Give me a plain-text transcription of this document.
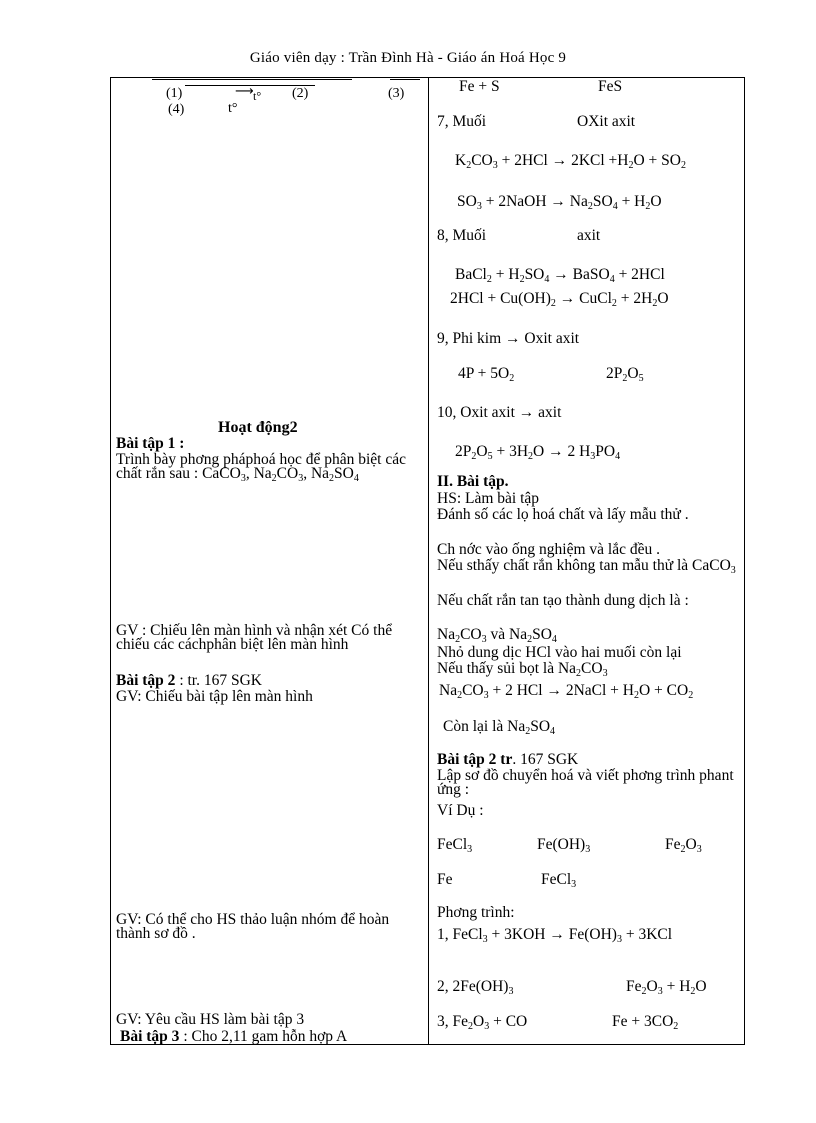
Giáo viên dạy : Trần Đình Hà - Giáo án Hoá Học 9
(1)	⟶ t° (2)	(3)
(4)	t°
Hoạt động2
Bài tập 1 :
Trình bày phơng pháphoá học để phân biệt các chất rắn sau : CaCO$_3$, $Na_2CO_3$, $Na_2SO_4$
GV : Chiếu lên màn hình và nhận xét Có thể chiếu các cáchphân biệt lên màn hình
Bài tập 2 : tr. 167 SGK
GV: Chiếu bài tập lên màn hình
GV: Có thể cho HS thảo luận nhóm để hoàn thành sơ đồ .
GV: Yêu cầu HS làm bài tập 3
Bài tập 3 : Cho 2,11 gam hỗn hợp A
Fe + S	FeS
7, Muối	OXit axit
$K_2CO_3 + 2HCl \to 2KCl +H_2O + SO_2$
$SO_3$ + 2NaOH → $Na_2SO_4 + H_2O$
8, Muối	axit
BaCl$_2$ + $H_2SO_4$ → BaSO$_4$ + 2HCl
$2HCl + Cu(OH)_2$ → CuCl$_2$ + $2H_2O$
9, Phi kim → Oxit axit
$4P + 5O_2$	$2P_2O_5$
10, Oxit axit → axit
$2P_2O_5 + 3H_2O \to 2$ $H_3PO_4$
II. Bài tập.
HS: Làm bài tập
Đánh số các lọ hoá chất và lấy mẫu thử .
Ch nớc vào ống nghiệm và lắc đều .
Nếu sthấy chất rắn không tan mẫu thử là CaCO$_3$
Nếu chất rắn tan tạo thành dung dịch là :
$Na_2CO_3$ và $Na_2SO_4$
Nhỏ dung dịc HCl vào hai muối còn lại
Nếu thấy sủi bọt là $Na_2CO_3$
$Na_2CO_3 + 2$ HCl → 2NaCl + $H_2O + CO_2$
Còn lại là $Na_2SO_4$
Bài tập 2 tr. 167 SGK
Lập sơ đồ chuyển hoá và viết phơng trình phant ứng :
Ví Dụ :
FeCl$_3$	$Fe(OH)_3$	$Fe_2O_3$
Fe	FeCl$_3$
Phơng trình:
1, FeCl$_3$ + $3KOH \to Fe(OH)_3 + 3KCl$
2, $2Fe(OH)_3$	$Fe_2O_3 + H_2O$
3, $Fe_2O_3$ + CO	$Fe + 3CO_2$
